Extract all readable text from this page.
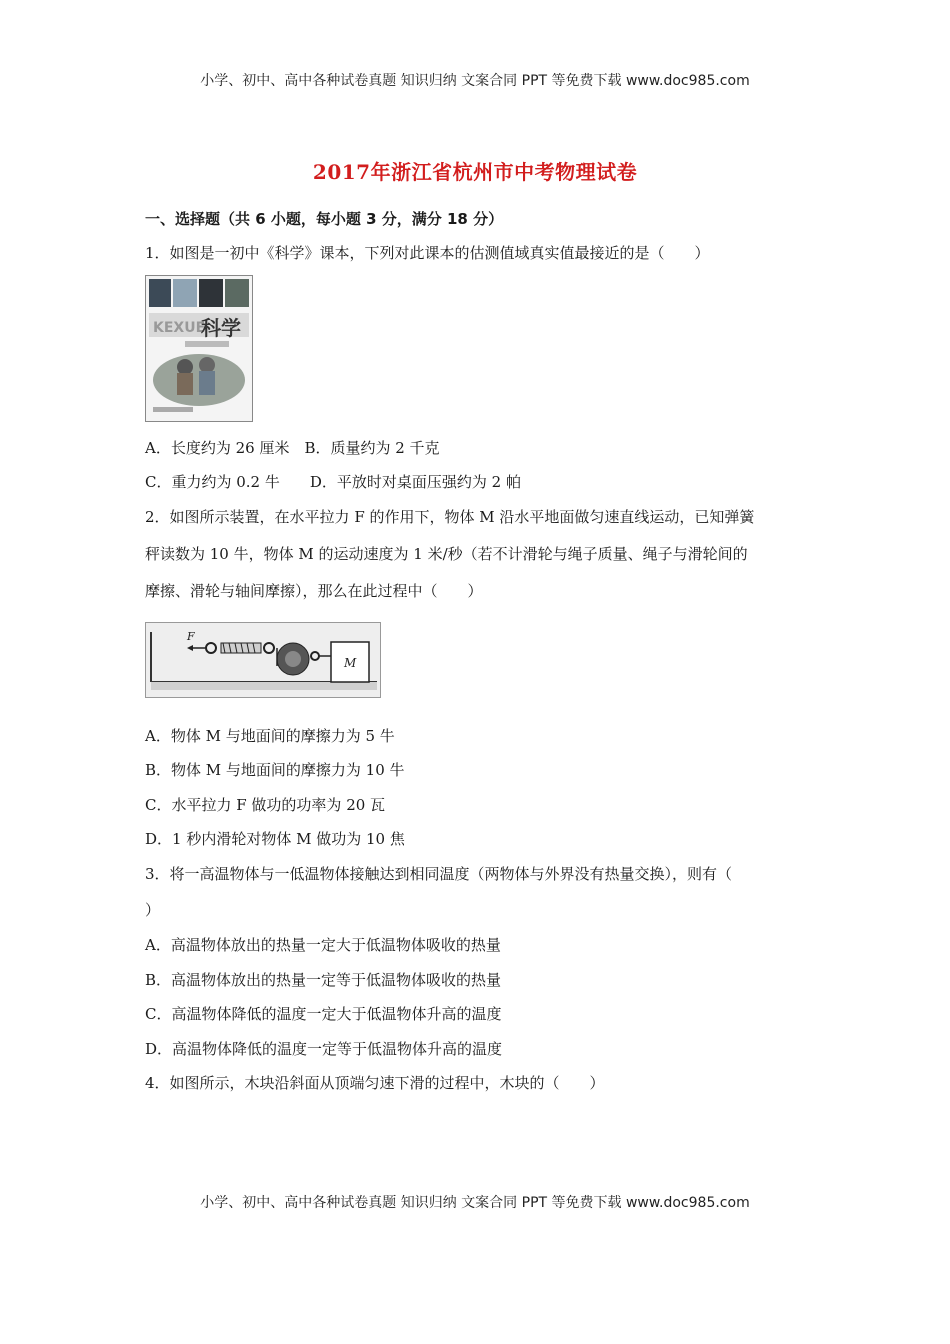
小学、初中、高中各种试卷真题 知识归纳 文案合同 PPT 等免费下载 www.doc985.com
2017年浙江省杭州市中考物理试卷
一、选择题（共 6 小题，每小题 3 分，满分 18 分）
1．如图是一初中《科学》课本，下列对此课本的估测值域真实值最接近的是（　　）
KEXUE
科学
A．长度约为 26 厘米　B．质量约为 2 千克
C．重力约为 0.2 牛　　D．平放时对桌面压强约为 2 帕
2．如图所示装置，在水平拉力 F 的作用下，物体 M 沿水平地面做匀速直线运动，已知弹簧
秤读数为 10 牛，物体 M 的运动速度为 1 米/秒（若不计滑轮与绳子质量、绳子与滑轮间的
摩擦、滑轮与轴间摩擦），那么在此过程中（　　）
F
M
A．物体 M 与地面间的摩擦力为 5 牛
B．物体 M 与地面间的摩擦力为 10 牛
C．水平拉力 F 做功的功率为 20 瓦
D．1 秒内滑轮对物体 M 做功为 10 焦
3．将一高温物体与一低温物体接触达到相同温度（两物体与外界没有热量交换），则有（
）
A．高温物体放出的热量一定大于低温物体吸收的热量
B．高温物体放出的热量一定等于低温物体吸收的热量
C．高温物体降低的温度一定大于低温物体升高的温度
D．高温物体降低的温度一定等于低温物体升高的温度
4．如图所示，木块沿斜面从顶端匀速下滑的过程中，木块的（　　）
小学、初中、高中各种试卷真题 知识归纳 文案合同 PPT 等免费下载 www.doc985.com
